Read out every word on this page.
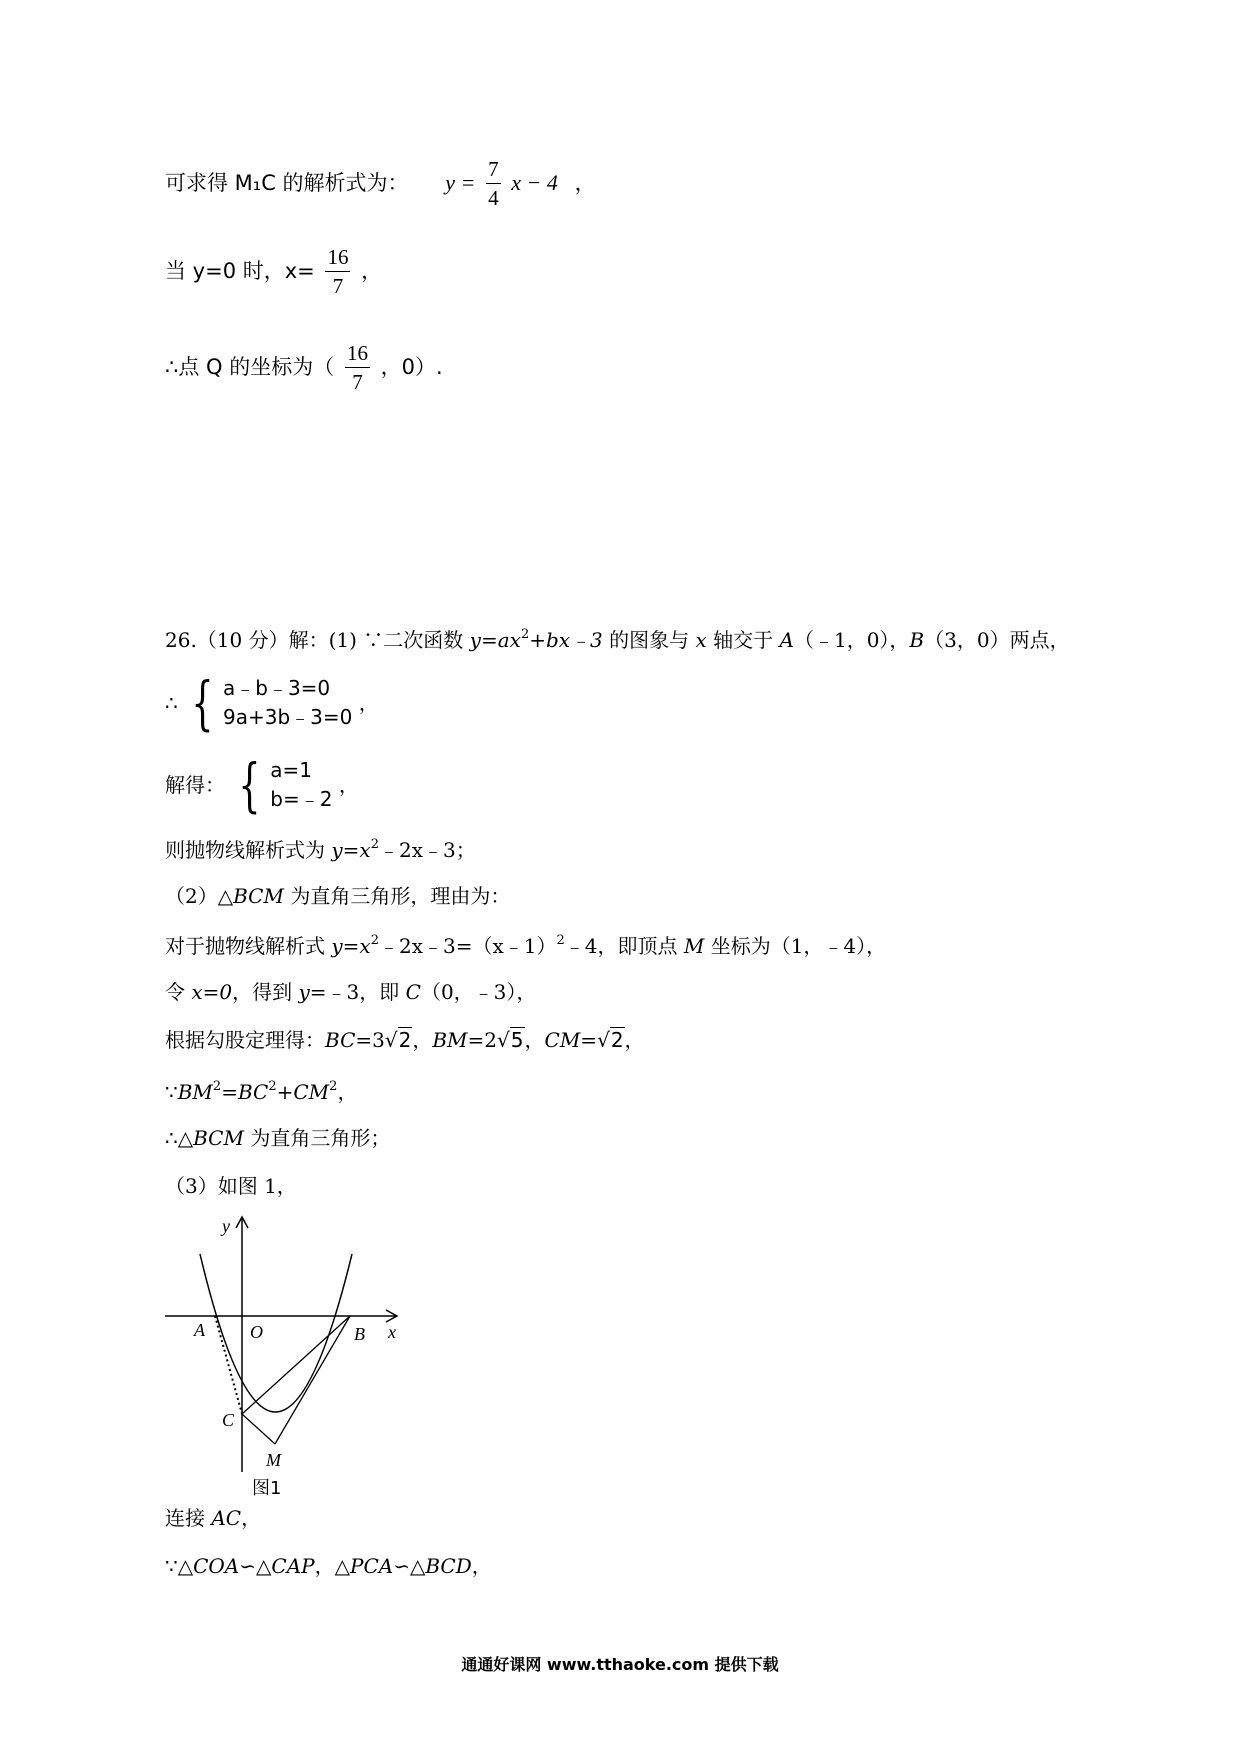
可求得 M₁C 的解析式为： $y = \frac{7}{4}$ x − 4 ，
当 y=0 时，$x= \frac{16}{7}$ ，
∴点 Q 的坐标为（ $\frac{16}{7}$ ，0）.
26.（10 分）解：(1) ∵二次函数 $y=ax^2+bx﹣3$ 的图象与 x 轴交于 A（﹣1，0），B（3，0）两点，
∴ { a﹣b﹣3=0
9a+3b﹣3=0
，
解得： { a=1
b=﹣2
，
则抛物线解析式为 $y=x^2﹣2x﹣3$；
（2）△BCM 为直角三角形，理由为：
对于抛物线解析式 $y=x^2﹣2x﹣3=(x﹣1)^2﹣4$，即顶点 M 坐标为（1，﹣4），
令 x=0，得到 y=﹣3，即 C（0，﹣3），
根据勾股定理得：BC=3√2，BM=2√5，CM=√2，
$\because BM^2=BC^2+CM^2$，
∴△BCM 为直角三角形；
（3）如图 1，
y
x
A	O	B
C
M
图1
连接 AC，
∵△COA∽△CAP，△PCA∽△BCD，
通通好课网 www.tthaoke.com 提供下载
